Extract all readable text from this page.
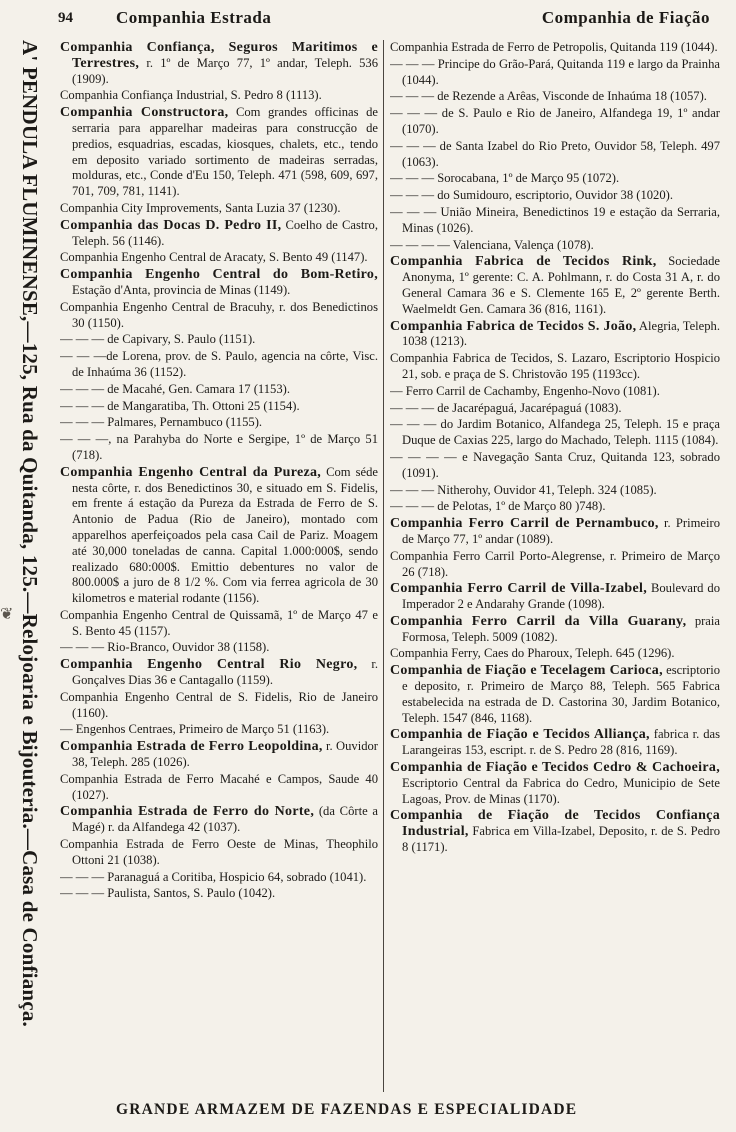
94	Companhia Estrada	Companhia de Fiação
A' PENDULA FLUMINENSE,—125, Rua da Quitanda, 125.—Relojoaria e Bijouteria.—Casa de Confiança.
❦

Companhia Confiança, Seguros Maritimos e Terrestres, r. 1º de Março 77, 1º andar, Teleph. 536 (1909).

Companhia Confiança Industrial, S. Pedro 8 (1113).

Companhia Constructora, Com grandes officinas de serraria para apparelhar madeiras para construcção de predios, esquadrias, escadas, kiosques, chalets, etc., tendo em deposito variado sortimento de madeiras serradas, molduras, etc., Conde d'Eu 150, Teleph. 471 (598, 609, 697, 701, 709, 781, 1141).

Companhia City Improvements, Santa Luzia 37 (1230).

Companhia das Docas D. Pedro II, Coelho de Castro, Teleph. 56 (1146).

Companhia Engenho Central de Aracaty, S. Bento 49 (1147).

Companhia Engenho Central do Bom-Retiro, Estação d'Anta, provincia de Minas (1149).

Companhia Engenho Central de Bracuhy, r. dos Benedictinos 30 (1150).

— — — de Capivary, S. Paulo (1151).

— — —de Lorena, prov. de S. Paulo, agencia na côrte, Visc. de Inhaúma 36 (1152).

— — — de Macahé, Gen. Camara 17 (1153).

— — — de Mangaratiba, Th. Ottoni 25 (1154).

— — — Palmares, Pernambuco (1155).

— — —, na Parahyba do Norte e Sergipe, 1º de Março 51 (718).

Companhia Engenho Central da Pureza, Com séde nesta côrte, r. dos Benedictinos 30, e situado em S. Fidelis, em frente á estação da Pureza da Estrada de Ferro de S. Antonio de Padua (Rio de Janeiro), montado com apparelhos aperfeiçoados pela casa Cail de Pariz. Moagem até 30,000 toneladas de canna. Capital 1.000:000$, sendo realizado 680:000$. Emittio debentures no valor de 800.000$ a juro de 8 1/2 %. Com via ferrea agricola de 30 kilometros e material rodante (1156).

Companhia Engenho Central de Quissamã, 1º de Março 47 e S. Bento 45 (1157).

— — — Rio-Branco, Ouvidor 38 (1158).

Companhia Engenho Central Rio Negro, r. Gonçalves Dias 36 e Cantagallo (1159).

Companhia Engenho Central de S. Fidelis, Rio de Janeiro (1160).

— Engenhos Centraes, Primeiro de Março 51 (1163).

Companhia Estrada de Ferro Leopoldina, r. Ouvidor 38, Teleph. 285 (1026).

Companhia Estrada de Ferro Macahé e Campos, Saude 40 (1027).

Companhia Estrada de Ferro do Norte, (da Côrte a Magé) r. da Alfandega 42 (1037).

Companhia Estrada de Ferro Oeste de Minas, Theophilo Ottoni 21 (1038).

— — — Paranaguá a Coritiba, Hospicio 64, sobrado (1041).

— — — Paulista, Santos, S. Paulo (1042).

Companhia Estrada de Ferro de Petropolis, Quitanda 119 (1044).

— — — Principe do Grão-Pará, Quitanda 119 e largo da Prainha (1044).

— — — de Rezende a Arêas, Visconde de Inhaúma 18 (1057).

— — — de S. Paulo e Rio de Janeiro, Alfandega 19, 1º andar (1070).

— — — de Santa Izabel do Rio Preto, Ouvidor 58, Teleph. 497 (1063).

— — — Sorocabana, 1º de Março 95 (1072).

— — — do Sumidouro, escriptorio, Ouvidor 38 (1020).

— — — União Mineira, Benedictinos 19 e estação da Serraria, Minas (1026).

— — — — Valenciana, Valença (1078).

Companhia Fabrica de Tecidos Rink, Sociedade Anonyma, 1º gerente: C. A. Pohlmann, r. do Costa 31 A, r. do General Camara 36 e S. Clemente 165 E, 2º gerente Berth. Waelmeldt Gen. Camara 36 (816, 1161).

Companhia Fabrica de Tecidos S. João, Alegria, Teleph. 1038 (1213).

Companhia Fabrica de Tecidos, S. Lazaro, Escriptorio Hospicio 21, sob. e praça de S. Christovão 195 (1193cc).

— Ferro Carril de Cachamby, Engenho-Novo (1081).

— — — de Jacarépaguá, Jacarépaguá (1083).

— — — do Jardim Botanico, Alfandega 25, Teleph. 15 e praça Duque de Caxias 225, largo do Machado, Teleph. 1115 (1084).

— — — — e Navegação Santa Cruz, Quitanda 123, sobrado (1091).

— — — Nitherohy, Ouvidor 41, Teleph. 324 (1085).

— — — de Pelotas, 1º de Março 80 )748).

Companhia Ferro Carril de Pernambuco, r. Primeiro de Março 77, 1º andar (1089).

Companhia Ferro Carril Porto-Alegrense, r. Primeiro de Março 26 (718).

Companhia Ferro Carril de Villa-Izabel, Boulevard do Imperador 2 e Andarahy Grande (1098).

Companhia Ferro Carril da Villa Guarany, praia Formosa, Teleph. 5009 (1082).

Companhia Ferry, Caes do Pharoux, Teleph. 645 (1296).

Companhia de Fiação e Tecelagem Carioca, escriptorio e deposito, r. Primeiro de Março 88, Teleph. 565 Fabrica estabelecida na estrada de D. Castorina 30, Jardim Botanico, Teleph. 1547 (846, 1168).

Companhia de Fiação e Tecidos Alliança, fabrica r. das Larangeiras 153, escript. r. de S. Pedro 28 (816, 1169).

Companhia de Fiação e Tecidos Cedro & Cachoeira, Escriptorio Central da Fabrica do Cedro, Municipio de Sete Lagoas, Prov. de Minas (1170).

Companhia de Fiação de Tecidos Confiança Industrial, Fabrica em Villa-Izabel, Deposito, r. de S. Pedro 8 (1171).

GRANDE ARMAZEM DE FAZENDAS E ESPECIALIDADE
